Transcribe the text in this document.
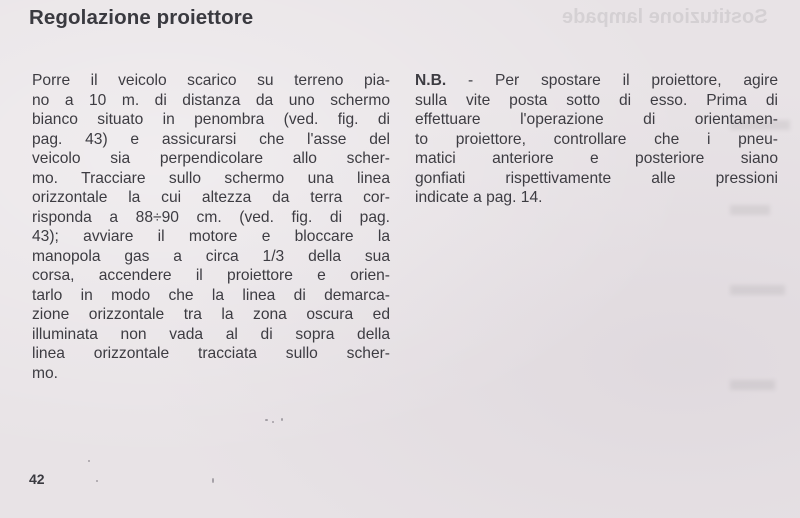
Regolazione proiettore
Porre il veicolo scarico su terreno pia-
no a 10 m. di distanza da uno schermo
bianco situato in penombra (ved. fig. di
pag. 43) e assicurarsi che l'asse del
veicolo sia perpendicolare allo scher-
mo. Tracciare sullo schermo una linea
orizzontale la cui altezza da terra cor-
risponda a 88÷90 cm. (ved. fig. di pag.
43); avviare il motore e bloccare la
manopola gas a circa 1/3 della sua
corsa, accendere il proiettore e orien-
tarlo in modo che la linea di demarca-
zione orizzontale tra la zona oscura ed
illuminata non vada al di sopra della
linea orizzontale tracciata sullo scher-
mo.
N.B. - Per spostare il proiettore, agire
sulla vite posta sotto di esso. Prima di
effettuare l'operazione di orientamen-
to proiettore, controllare che i pneu-
matici anteriore e posteriore siano
gonfiati rispettivamente alle pressioni
indicate a pag. 14.
42
